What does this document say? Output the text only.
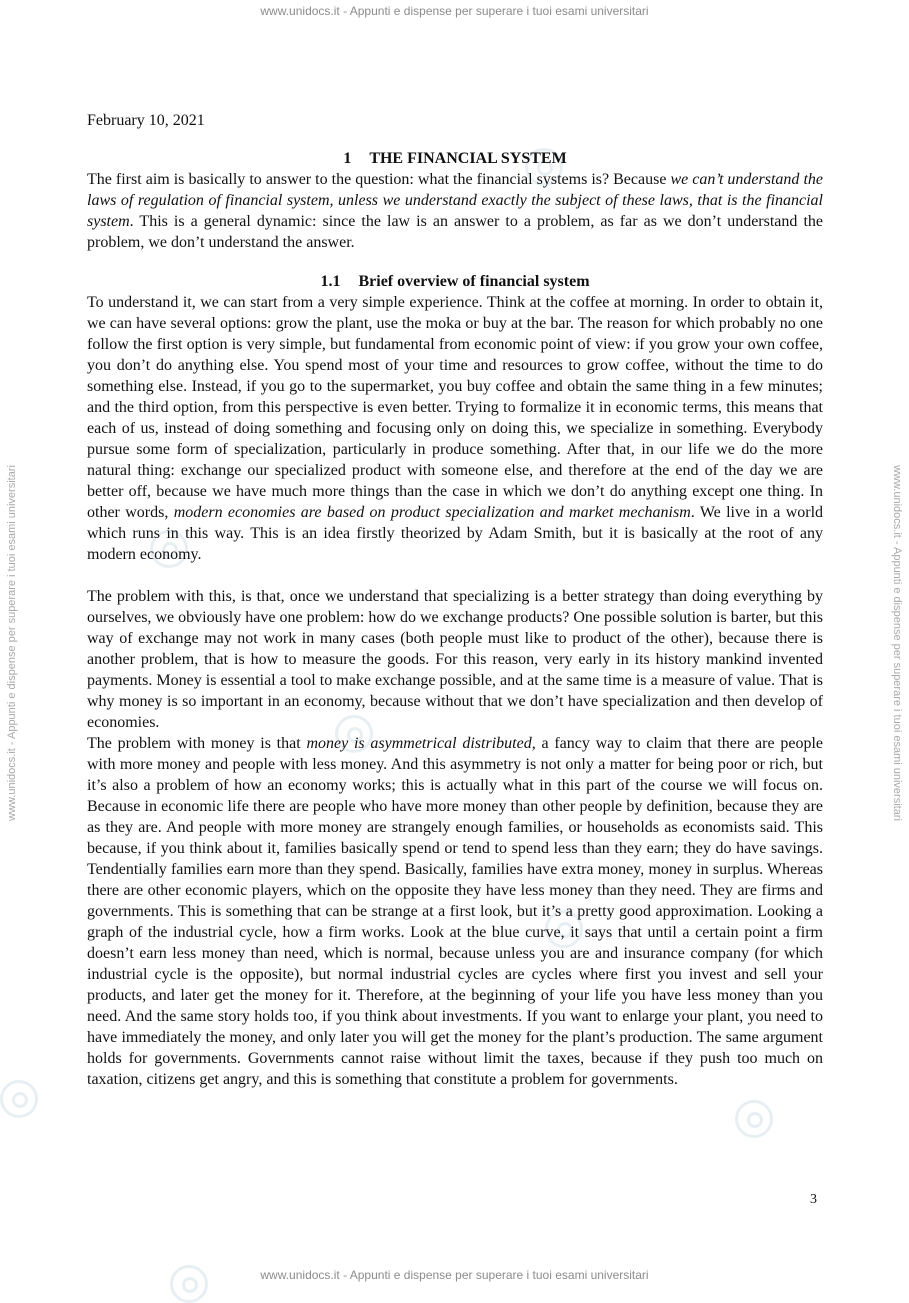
www.unidocs.it - Appunti e dispense per superare i tuoi esami universitari
www.unidocs.it - Appunti e dispense per superare i tuoi esami universitari
www.unidocs.it - Appunti e dispense per superare i tuoi esami universitari	www.unidocs.it - Appunti e dispense per superare i tuoi esami universitari
February 10, 2021
1 THE FINANCIAL SYSTEM

The first aim is basically to answer to the question: what the financial systems is? Because we can’t understand the laws of regulation of financial system, unless we understand exactly the subject of these laws, that is the financial system. This is a general dynamic: since the law is an answer to a problem, as far as we don’t understand the problem, we don’t understand the answer.

1.1 Brief overview of financial system

To understand it, we can start from a very simple experience. Think at the coffee at morning. In order to obtain it, we can have several options: grow the plant, use the moka or buy at the bar. The reason for which probably no one follow the first option is very simple, but fundamental from economic point of view: if you grow your own coffee, you don’t do anything else. You spend most of your time and resources to grow coffee, without the time to do something else. Instead, if you go to the supermarket, you buy coffee and obtain the same thing in a few minutes; and the third option, from this perspective is even better. Trying to formalize it in economic terms, this means that each of us, instead of doing something and focusing only on doing this, we specialize in something. Everybody pursue some form of specialization, particularly in produce something. After that, in our life we do the more natural thing: exchange our specialized product with someone else, and therefore at the end of the day we are better off, because we have much more things than the case in which we don’t do anything except one thing. In other words, modern economies are based on product specialization and market mechanism. We live in a world which runs in this way. This is an idea firstly theorized by Adam Smith, but it is basically at the root of any modern economy.

The problem with this, is that, once we understand that specializing is a better strategy than doing everything by ourselves, we obviously have one problem: how do we exchange products? One possible solution is barter, but this way of exchange may not work in many cases (both people must like to product of the other), because there is another problem, that is how to measure the goods. For this reason, very early in its history mankind invented payments. Money is essential a tool to make exchange possible, and at the same time is a measure of value. That is why money is so important in an economy, because without that we don’t have specialization and then develop of economies.

The problem with money is that money is asymmetrical distributed, a fancy way to claim that there are people with more money and people with less money. And this asymmetry is not only a matter for being poor or rich, but it’s also a problem of how an economy works; this is actually what in this part of the course we will focus on. Because in economic life there are people who have more money than other people by definition, because they are as they are. And people with more money are strangely enough families, or households as economists said. This because, if you think about it, families basically spend or tend to spend less than they earn; they do have savings. Tendentially families earn more than they spend. Basically, families have extra money, money in surplus. Whereas there are other economic players, which on the opposite they have less money than they need. They are firms and governments. This is something that can be strange at a first look, but it’s a pretty good approximation. Looking a graph of the industrial cycle, how a firm works. Look at the blue curve, it says that until a certain point a firm doesn’t earn less money than need, which is normal, because unless you are and insurance company (for which industrial cycle is the opposite), but normal industrial cycles are cycles where first you invest and sell your products, and later get the money for it. Therefore, at the beginning of your life you have less money than you need. And the same story holds too, if you think about investments. If you want to enlarge your plant, you need to have immediately the money, and only later you will get the money for the plant’s production. The same argument holds for governments. Governments cannot raise without limit the taxes, because if they push too much on taxation, citizens get angry, and this is something that constitute a problem for governments.

3
